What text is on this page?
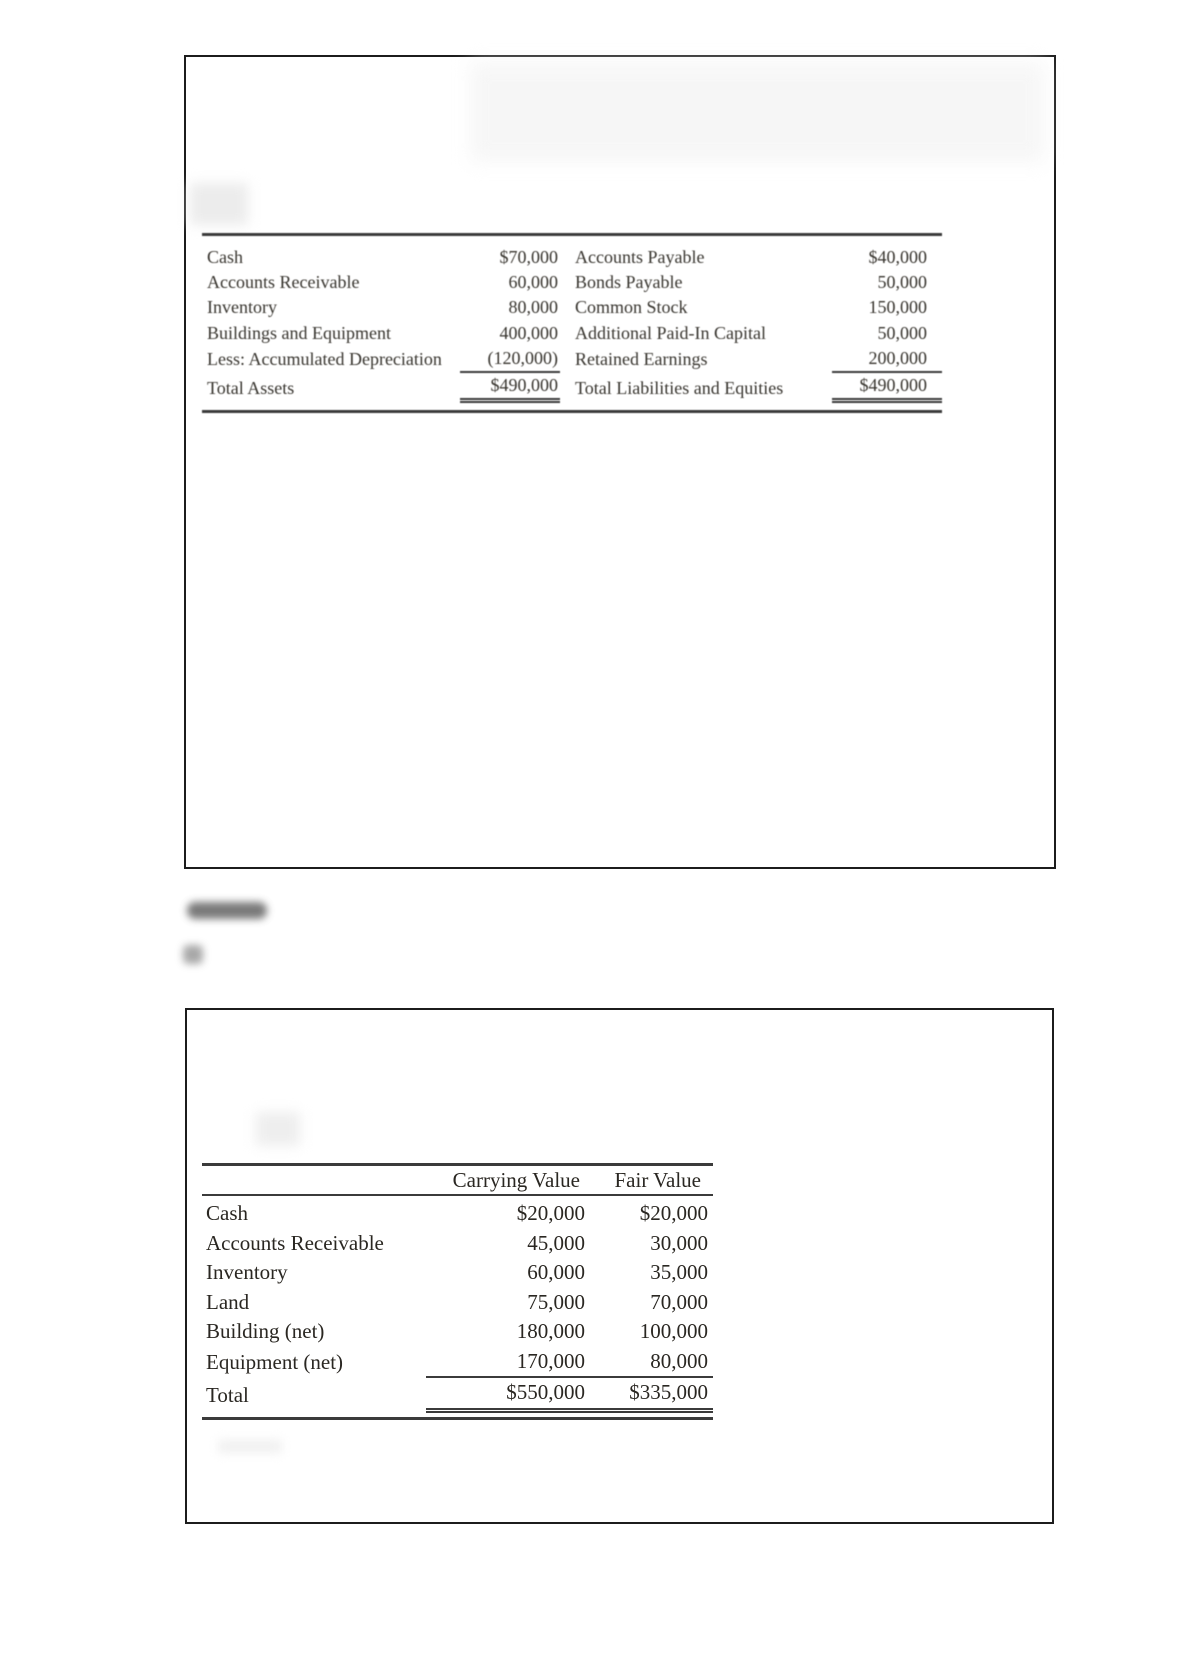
Cash	$70,000	Accounts Payable	$40,000
Accounts Receivable	60,000	Bonds Payable	50,000
Inventory	80,000	Common Stock	150,000
Buildings and Equipment	400,000	Additional Paid-In Capital	50,000
Less: Accumulated Depreciation	(120,000)	Retained Earnings	200,000
Total Assets	$490,000	Total Liabilities and Equities	$490,000
	Carrying Value	Fair Value
Cash	$20,000	$20,000
Accounts Receivable	45,000	30,000
Inventory	60,000	35,000
Land	75,000	70,000
Building (net)	180,000	100,000
Equipment (net)	170,000	80,000
Total	$550,000	$335,000
